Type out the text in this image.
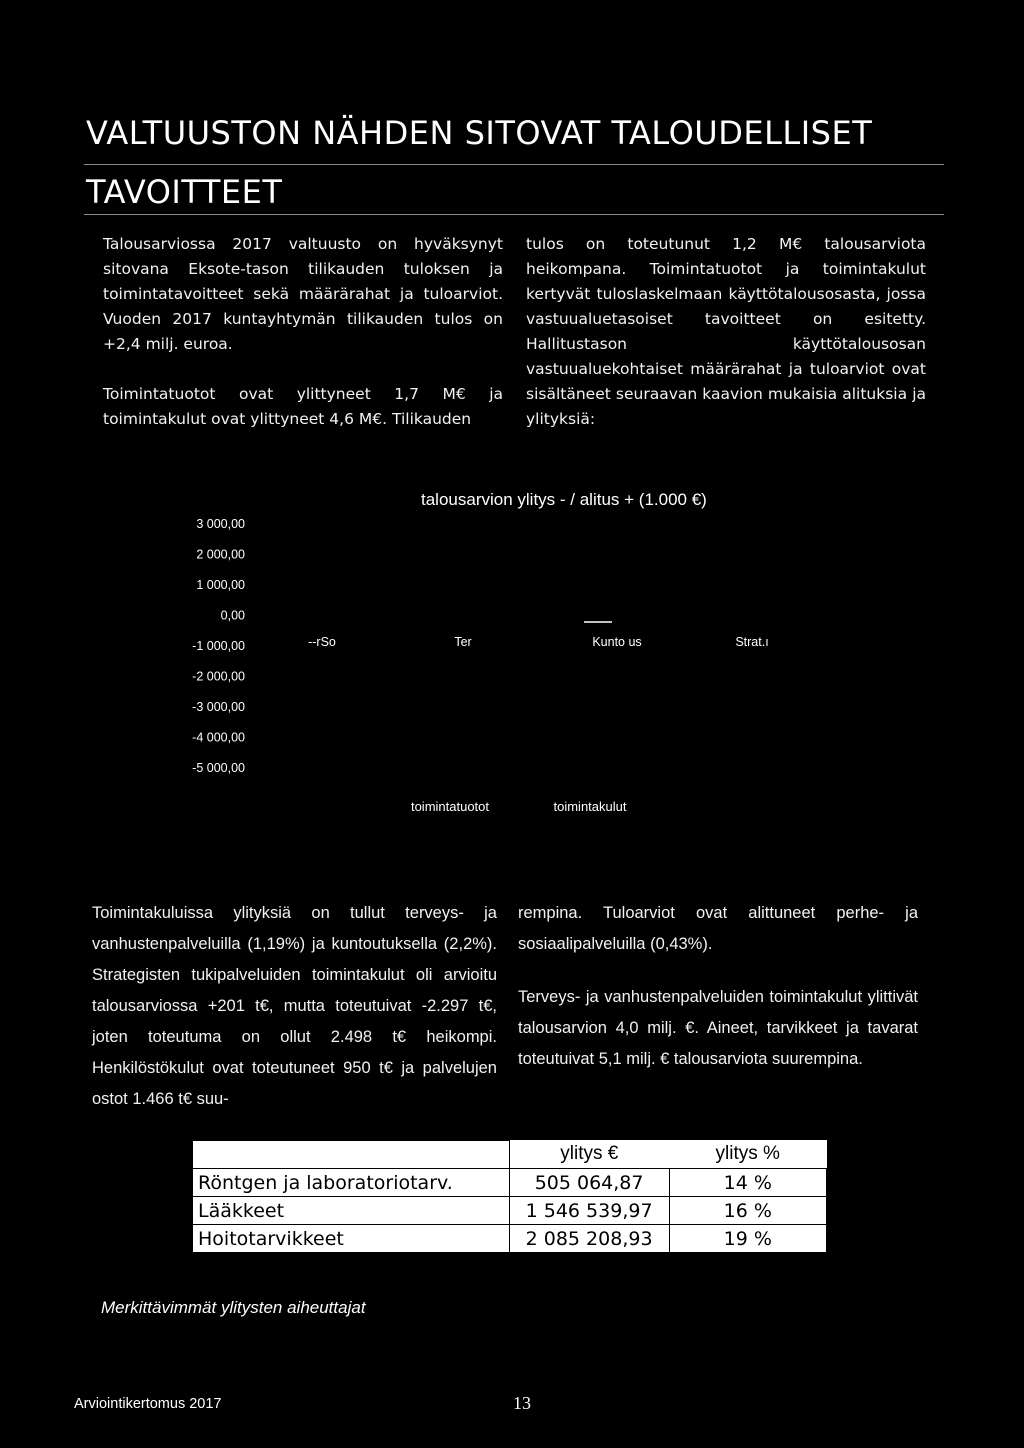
VALTUUSTON NÄHDEN SITOVAT TALOUDELLISET
TAVOITTEET

Talousarviossa 2017 valtuusto on hyväksynyt sitovana Eksote-tason tilikauden tuloksen ja toimintatavoitteet sekä määrärahat ja tuloarviot. Vuoden 2017 kuntayhtymän tilikauden tulos on +2,4 milj. euroa.

Toimintatuotot ovat ylittyneet 1,7 M€ ja toimintakulut ovat ylittyneet 4,6 M€. Tilikauden

tulos on toteutunut 1,2 M€ talousarviota heikompana. Toimintatuotot ja toimintakulut kertyvät tuloslaskelmaan käyttötalousosasta, jossa vastuualuetasoiset tavoitteet on esitetty. Hallitustason käyttötalousosan vastuualuekohtaiset määrärahat ja tuloarviot ovat sisältäneet seuraavan kaavion mukaisia alituksia ja ylityksiä:

talousarvion ylitys - / alitus + (1.000 €)
3 000,00
2 000,00
1 000,00
0,00
-1 000,00
-2 000,00
-3 000,00
-4 000,00
-5 000,00
--rSo	Ter	Kunto us	Strat.ı
toimintatuotot	toimintakulut

Toimintakuluissa ylityksiä on tullut terveys- ja vanhustenpalveluilla (1,19%) ja kuntoutuksella (2,2%). Strategisten tukipalveluiden toimintakulut oli arvioitu talousarviossa +201 t€, mutta toteutuivat -2.297 t€, joten toteutuma on ollut 2.498 t€ heikompi. Henkilöstökulut ovat toteutuneet 950 t€ ja palvelujen ostot 1.466 t€ suu-

rempina. Tuloarviot ovat alittuneet perhe- ja sosiaalipalveluilla (0,43%).

Terveys- ja vanhustenpalveluiden toimintakulut ylittivät talousarvion 4,0 milj. €. Aineet, tarvikkeet ja tavarat toteutuivat 5,1 milj. € talousarviota suurempina.

	ylitys €	ylitys %
Röntgen ja laboratoriotarv.	505 064,87	14 %
Lääkkeet	1 546 539,97	16 %
Hoitotarvikkeet	2 085 208,93	19 %
Merkittävimmät ylitysten aiheuttajat
Arviointikertomus 2017	13
